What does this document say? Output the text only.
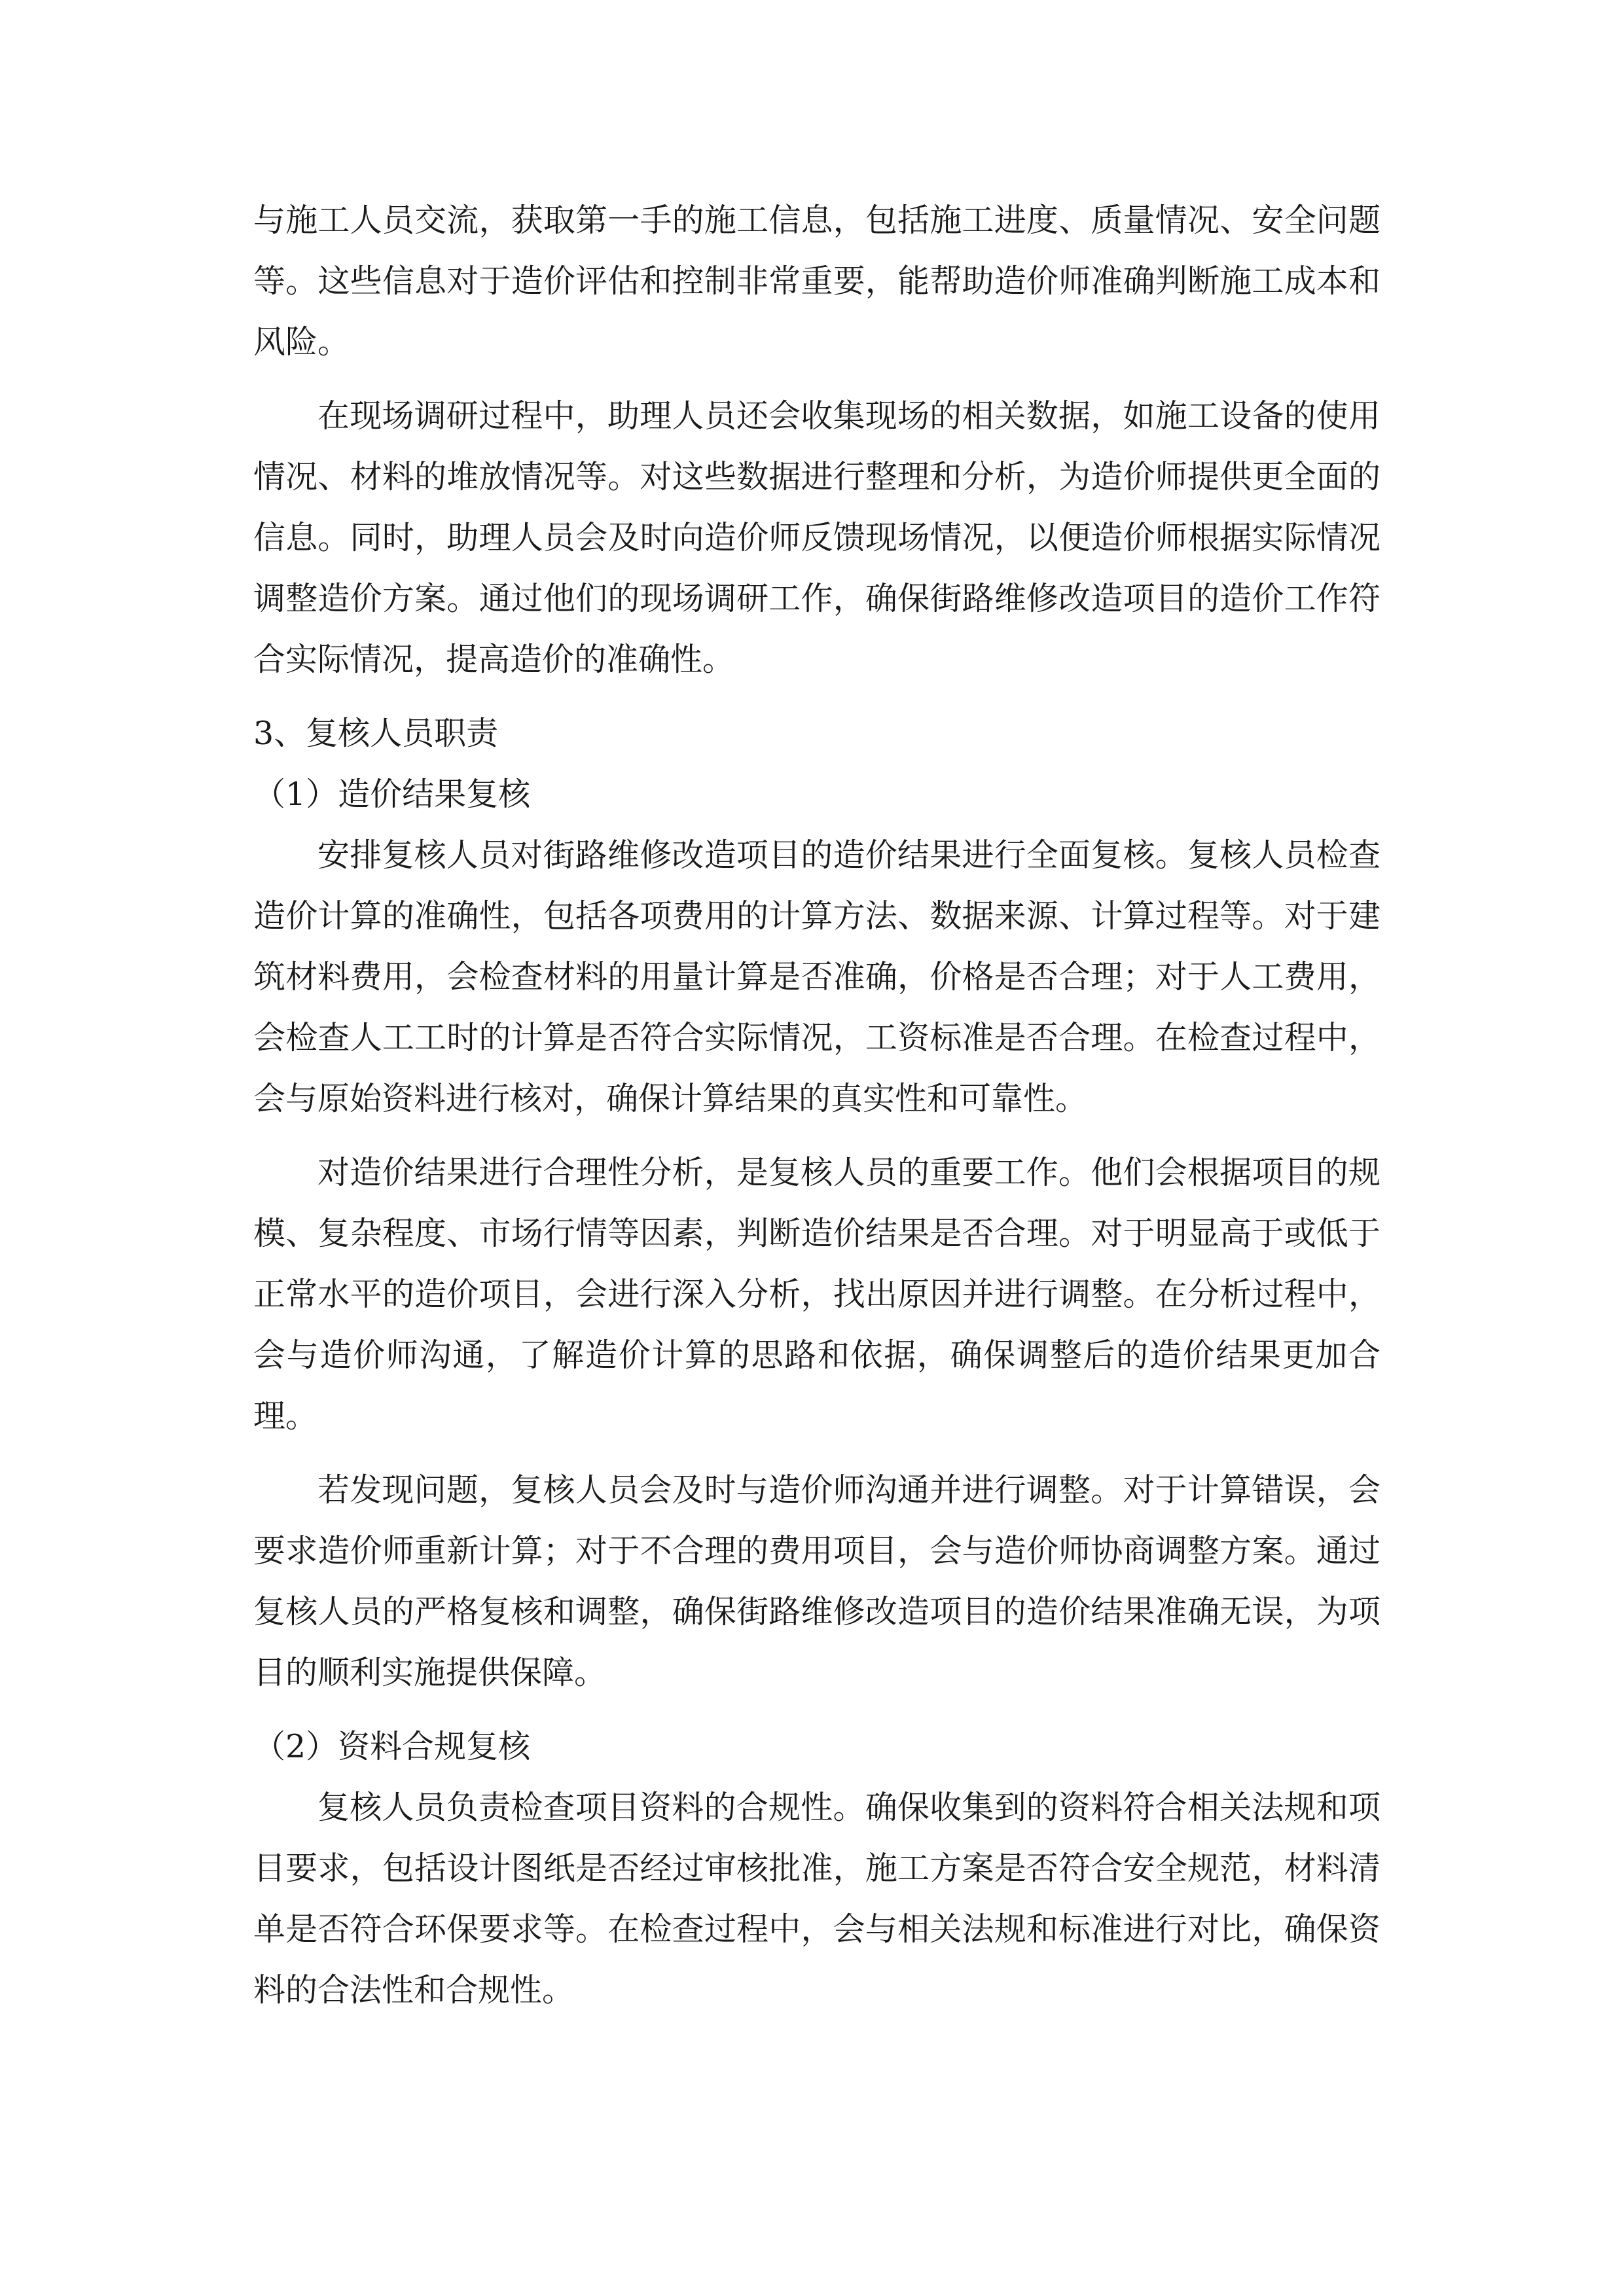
与施工人员交流，获取第一手的施工信息，包括施工进度、质量情况、安全问题等。这些信息对于造价评估和控制非常重要，能帮助造价师准确判断施工成本和风险。

在现场调研过程中，助理人员还会收集现场的相关数据，如施工设备的使用情况、材料的堆放情况等。对这些数据进行整理和分析，为造价师提供更全面的信息。同时，助理人员会及时向造价师反馈现场情况，以便造价师根据实际情况调整造价方案。通过他们的现场调研工作，确保街路维修改造项目的造价工作符合实际情况，提高造价的准确性。

3、复核人员职责

（1）造价结果复核

安排复核人员对街路维修改造项目的造价结果进行全面复核。复核人员检查造价计算的准确性，包括各项费用的计算方法、数据来源、计算过程等。对于建筑材料费用，会检查材料的用量计算是否准确，价格是否合理；对于人工费用，会检查人工工时的计算是否符合实际情况，工资标准是否合理。在检查过程中，会与原始资料进行核对，确保计算结果的真实性和可靠性。

对造价结果进行合理性分析，是复核人员的重要工作。他们会根据项目的规模、复杂程度、市场行情等因素，判断造价结果是否合理。对于明显高于或低于正常水平的造价项目，会进行深入分析，找出原因并进行调整。在分析过程中，会与造价师沟通，了解造价计算的思路和依据，确保调整后的造价结果更加合理。

若发现问题，复核人员会及时与造价师沟通并进行调整。对于计算错误，会要求造价师重新计算；对于不合理的费用项目，会与造价师协商调整方案。通过复核人员的严格复核和调整，确保街路维修改造项目的造价结果准确无误，为项目的顺利实施提供保障。

（2）资料合规复核

复核人员负责检查项目资料的合规性。确保收集到的资料符合相关法规和项目要求，包括设计图纸是否经过审核批准，施工方案是否符合安全规范，材料清单是否符合环保要求等。在检查过程中，会与相关法规和标准进行对比，确保资料的合法性和合规性。
